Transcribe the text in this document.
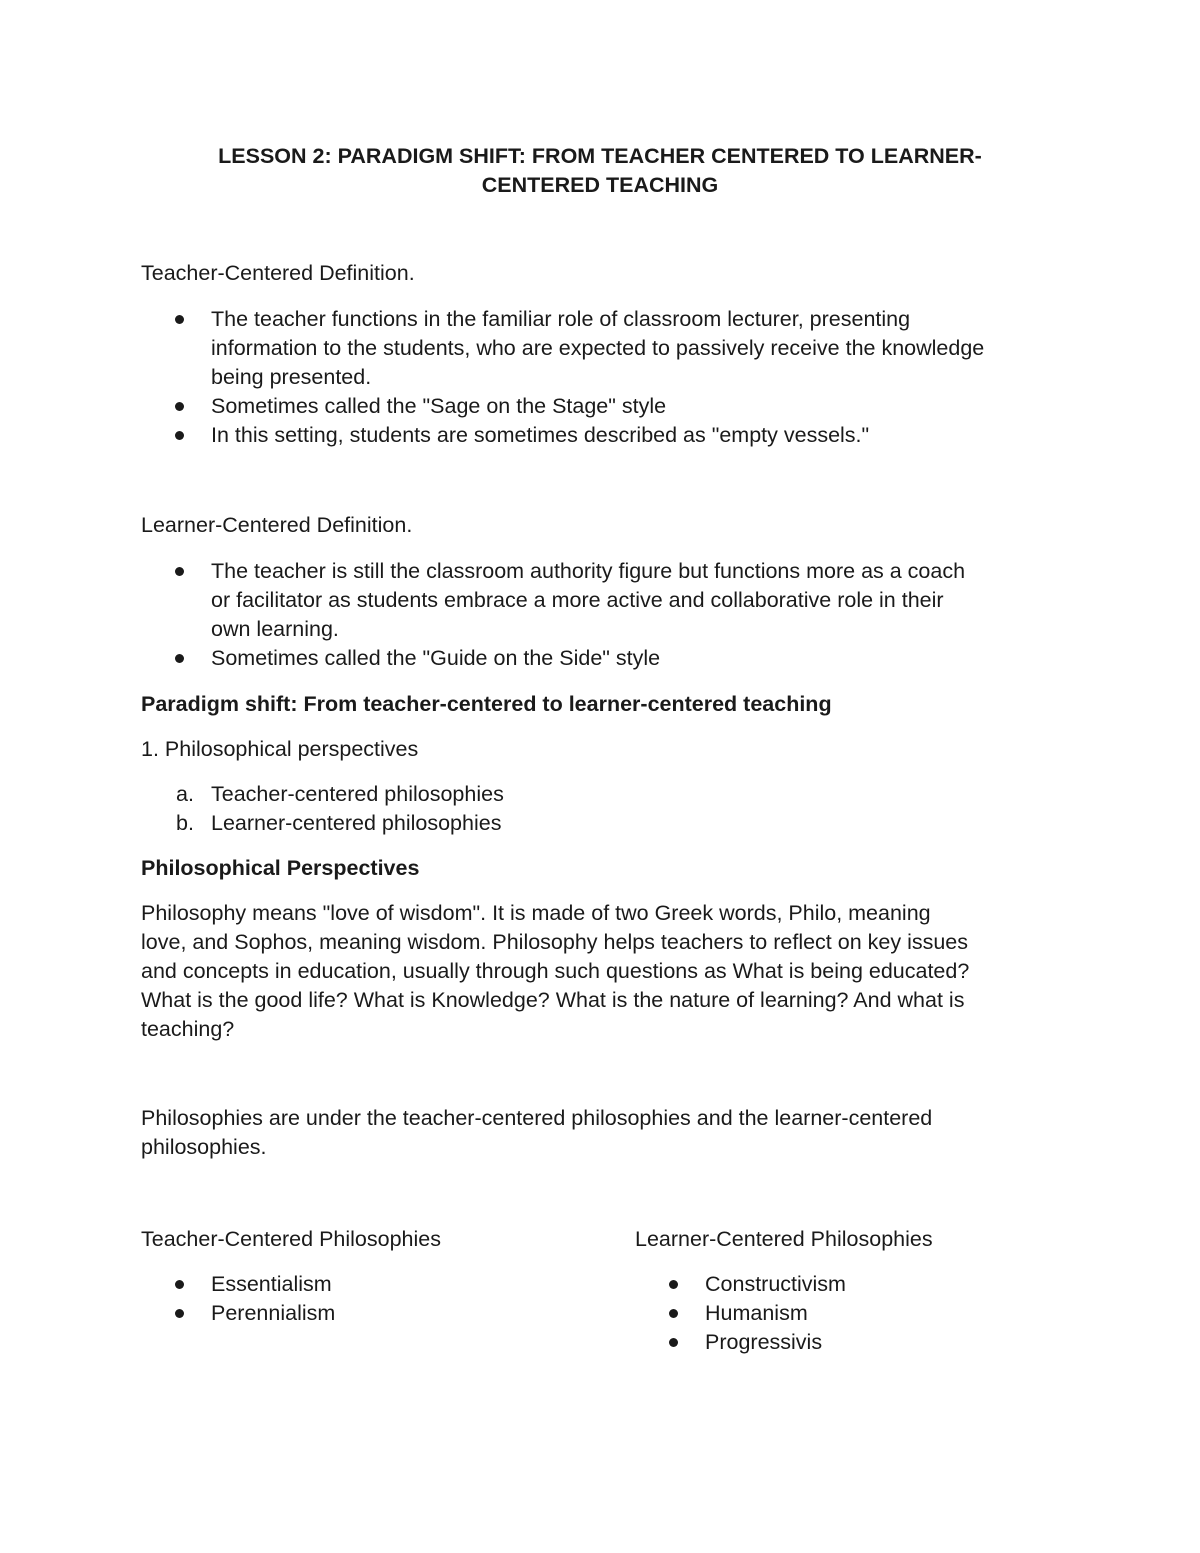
LESSON 2: PARADIGM SHIFT: FROM TEACHER CENTERED TO LEARNER-
CENTERED TEACHING
Teacher-Centered Definition.
The teacher functions in the familiar role of classroom lecturer, presenting
information to the students, who are expected to passively receive the knowledge
being presented.
Sometimes called the "Sage on the Stage" style
In this setting, students are sometimes described as "empty vessels."
Learner-Centered Definition.
The teacher is still the classroom authority figure but functions more as a coach
or facilitator as students embrace a more active and collaborative role in their
own learning.
Sometimes called the "Guide on the Side" style
Paradigm shift: From teacher-centered to learner-centered teaching
1. Philosophical perspectives
a. Teacher-centered philosophies
b. Learner-centered philosophies
Philosophical Perspectives
Philosophy means "love of wisdom". It is made of two Greek words, Philo, meaning
love, and Sophos, meaning wisdom. Philosophy helps teachers to reflect on key issues
and concepts in education, usually through such questions as What is being educated?
What is the good life? What is Knowledge? What is the nature of learning? And what is
teaching?
Philosophies are under the teacher-centered philosophies and the learner-centered
philosophies.
Teacher-Centered Philosophies
Essentialism
Perennialism
Learner-Centered Philosophies
Constructivism
Humanism
Progressivis
